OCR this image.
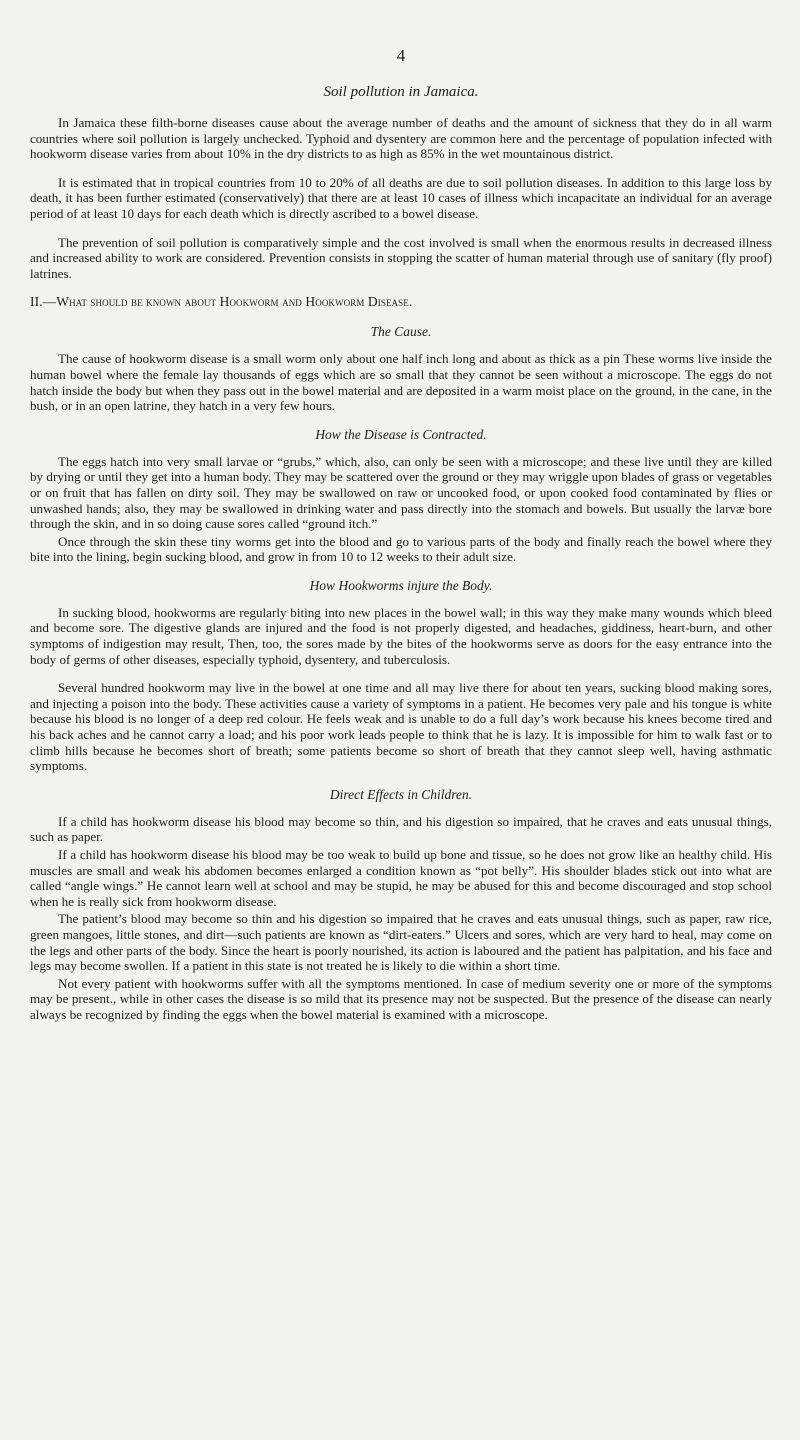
4
Soil pollution in Jamaica.

In Jamaica these filth-borne diseases cause about the average number of deaths and the amount of sickness that they do in all warm countries where soil pollution is largely unchecked. Typhoid and dysentery are common here and the percentage of population infected with hookworm disease varies from about 10% in the dry districts to as high as 85% in the wet mountainous district.

It is estimated that in tropical countries from 10 to 20% of all deaths are due to soil pollution diseases. In addition to this large loss by death, it has been further estimated (conservatively) that there are at least 10 cases of illness which incapacitate an individual for an average period of at least 10 days for each death which is directly ascribed to a bowel disease.

The prevention of soil pollution is comparatively simple and the cost involved is small when the enormous results in decreased illness and increased ability to work are considered. Prevention consists in stopping the scatter of human material through use of sanitary (fly proof) latrines.

II.—What should be known about Hookworm and Hookworm Disease.
The Cause.

The cause of hookworm disease is a small worm only about one half inch long and about as thick as a pin These worms live inside the human bowel where the female lay thousands of eggs which are so small that they cannot be seen without a microscope. The eggs do not hatch inside the body but when they pass out in the bowel material and are deposited in a warm moist place on the ground, in the cane, in the bush, or in an open latrine, they hatch in a very few hours.

How the Disease is Contracted.

The eggs hatch into very small larvae or “grubs,” which, also, can only be seen with a microscope; and these live until they are killed by drying or until they get into a human body. They may be scattered over the ground or they may wriggle upon blades of grass or vegetables or on fruit that has fallen on dirty soil. They may be swallowed on raw or uncooked food, or upon cooked food contaminated by flies or unwashed hands; also, they may be swallowed in drinking water and pass directly into the stomach and bowels. But usually the larvæ bore through the skin, and in so doing cause sores called “ground itch.”

Once through the skin these tiny worms get into the blood and go to various parts of the body and finally reach the bowel where they bite into the lining, begin sucking blood, and grow in from 10 to 12 weeks to their adult size.

How Hookworms injure the Body.

In sucking blood, hookworms are regularly biting into new places in the bowel wall; in this way they make many wounds which bleed and become sore. The digestive glands are injured and the food is not properly digested, and headaches, giddiness, heart-burn, and other symptoms of indigestion may result, Then, too, the sores made by the bites of the hookworms serve as doors for the easy entrance into the body of germs of other diseases, especially typhoid, dysentery, and tuberculosis.

Several hundred hookworm may live in the bowel at one time and all may live there for about ten years, sucking blood making sores, and injecting a poison into the body. These activities cause a variety of symptoms in a patient. He becomes very pale and his tongue is white because his blood is no longer of a deep red colour. He feels weak and is unable to do a full day’s work because his knees become tired and his back aches and he cannot carry a load; and his poor work leads people to think that he is lazy. It is impossible for him to walk fast or to climb hills because he becomes short of breath; some patients become so short of breath that they cannot sleep well, having asthmatic symptoms.

Direct Effects in Children.

If a child has hookworm disease his blood may become so thin, and his digestion so impaired, that he craves and eats unusual things, such as paper.

If a child has hookworm disease his blood may be too weak to build up bone and tissue, so he does not grow like an healthy child. His muscles are small and weak his abdomen becomes enlarged a condition known as “pot belly”. His shoulder blades stick out into what are called “angle wings.” He cannot learn well at school and may be stupid, he may be abused for this and become discouraged and stop school when he is really sick from hookworm disease.

The patient’s blood may become so thin and his digestion so impaired that he craves and eats unusual things, such as paper, raw rice, green mangoes, little stones, and dirt—such patients are known as “dirt-eaters.” Ulcers and sores, which are very hard to heal, may come on the legs and other parts of the body. Since the heart is poorly nourished, its action is laboured and the patient has palpitation, and his face and legs may become swollen. If a patient in this state is not treated he is likely to die within a short time.

Not every patient with hookworms suffer with all the symptoms mentioned. In case of medium severity one or more of the symptoms may be present., while in other cases the disease is so mild that its presence may not be suspected. But the presence of the disease can nearly always be recognized by finding the eggs when the bowel material is examined with a microscope.
